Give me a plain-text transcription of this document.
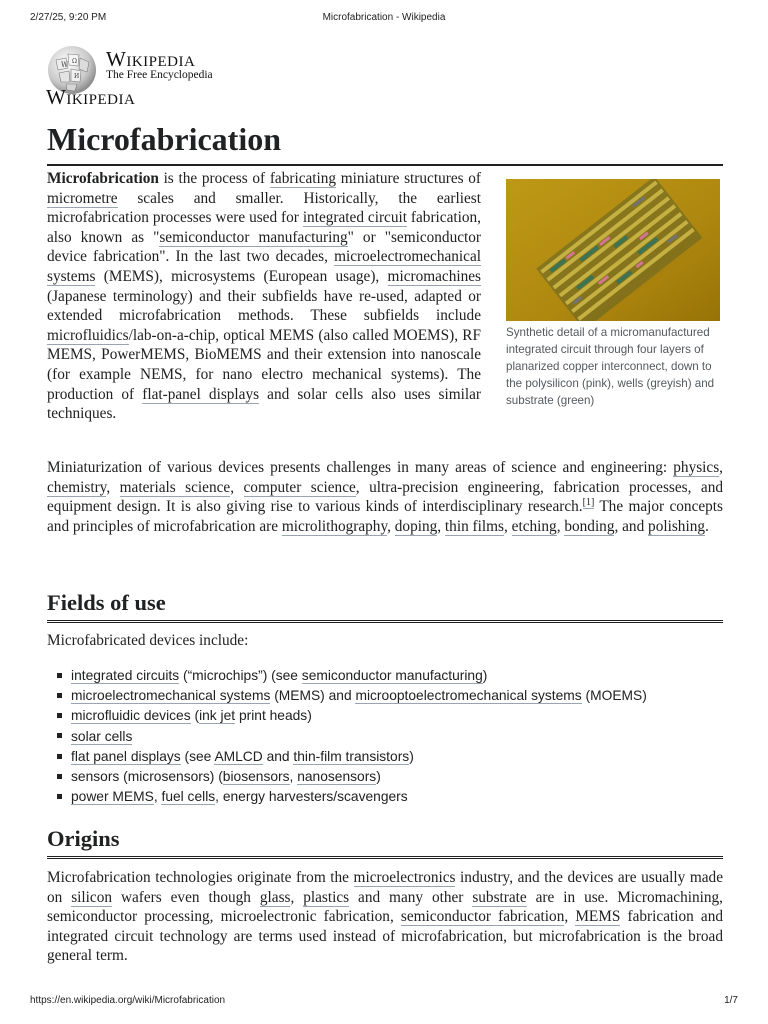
2/27/25, 9:20 PM	Microfabrication - Wikipedia
W Ω
И
Wikipedia
The Free Encyclopedia
Wikipedia
Microfabrication

Microfabrication is the process of fabricating miniature structures of micrometre scales and smaller. Historically, the earliest microfabrication processes were used for integrated circuit fabrication, also known as "semiconductor manufacturing" or "semiconductor device fabrication". In the last two decades, microelectromechanical systems (MEMS), microsystems (European usage), micromachines (Japanese terminology) and their subfields have re-used, adapted or extended microfabrication methods. These subfields include microfluidics/lab-on-a-chip, optical MEMS (also called MOEMS), RF MEMS, PowerMEMS, BioMEMS and their extension into nanoscale (for example NEMS, for nano electro mechanical systems). The production of flat-panel displays and solar cells also uses similar techniques.

Synthetic detail of a micromanufactured integrated circuit through four layers of planarized copper interconnect, down to the polysilicon (pink), wells (greyish) and substrate (green)

Miniaturization of various devices presents challenges in many areas of science and engineering: physics, chemistry, materials science, computer science, ultra-precision engineering, fabrication processes, and equipment design. It is also giving rise to various kinds of interdisciplinary research.[1] The major concepts and principles of microfabrication are microlithography, doping, thin films, etching, bonding, and polishing.

Fields of use

Microfabricated devices include:

integrated circuits (“microchips”) (see semiconductor manufacturing)
microelectromechanical systems (MEMS) and microoptoelectromechanical systems (MOEMS)
microfluidic devices (ink jet print heads)
solar cells
flat panel displays (see AMLCD and thin-film transistors)
sensors (microsensors) (biosensors, nanosensors)
power MEMS, fuel cells, energy harvesters/scavengers
Origins

Microfabrication technologies originate from the microelectronics industry, and the devices are usually made on silicon wafers even though glass, plastics and many other substrate are in use. Micromachining, semiconductor processing, microelectronic fabrication, semiconductor fabrication, MEMS fabrication and integrated circuit technology are terms used instead of microfabrication, but microfabrication is the broad general term.

https://en.wikipedia.org/wiki/Microfabrication	1/7
